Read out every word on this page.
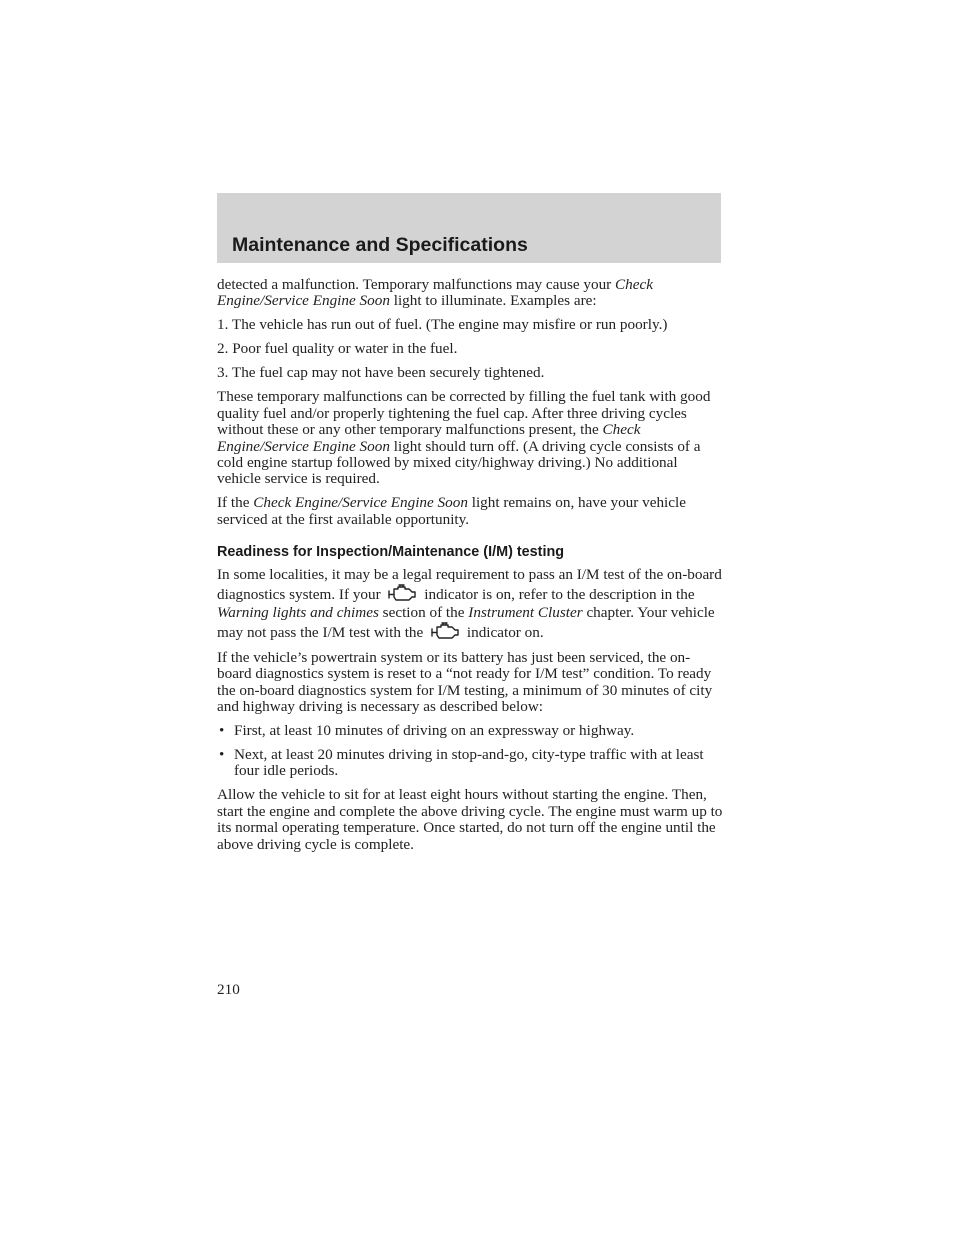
Maintenance and Specifications

detected a malfunction. Temporary malfunctions may cause your Check Engine/Service Engine Soon light to illuminate. Examples are:

1. The vehicle has run out of fuel. (The engine may misfire or run poorly.)

2. Poor fuel quality or water in the fuel.

3. The fuel cap may not have been securely tightened.

These temporary malfunctions can be corrected by filling the fuel tank with good quality fuel and/or properly tightening the fuel cap. After three driving cycles without these or any other temporary malfunctions present, the Check Engine/Service Engine Soon light should turn off. (A driving cycle consists of a cold engine startup followed by mixed city/highway driving.) No additional vehicle service is required.

If the Check Engine/Service Engine Soon light remains on, have your vehicle serviced at the first available opportunity.

Readiness for Inspection/Maintenance (I/M) testing

In some localities, it may be a legal requirement to pass an I/M test of the on-board diagnostics system. If your
indicator is on, refer to the description in the Warning lights and chimes section of the Instrument Cluster chapter. Your vehicle may not pass the I/M test with the
indicator on.

If the vehicle’s powertrain system or its battery has just been serviced, the on-board diagnostics system is reset to a “not ready for I/M test” condition. To ready the on-board diagnostics system for I/M testing, a minimum of 30 minutes of city and highway driving is necessary as described below:

• First, at least 10 minutes of driving on an expressway or highway.
• Next, at least 20 minutes driving in stop-and-go, city-type traffic with at least four idle periods.

Allow the vehicle to sit for at least eight hours without starting the engine. Then, start the engine and complete the above driving cycle. The engine must warm up to its normal operating temperature. Once started, do not turn off the engine until the above driving cycle is complete.

210
